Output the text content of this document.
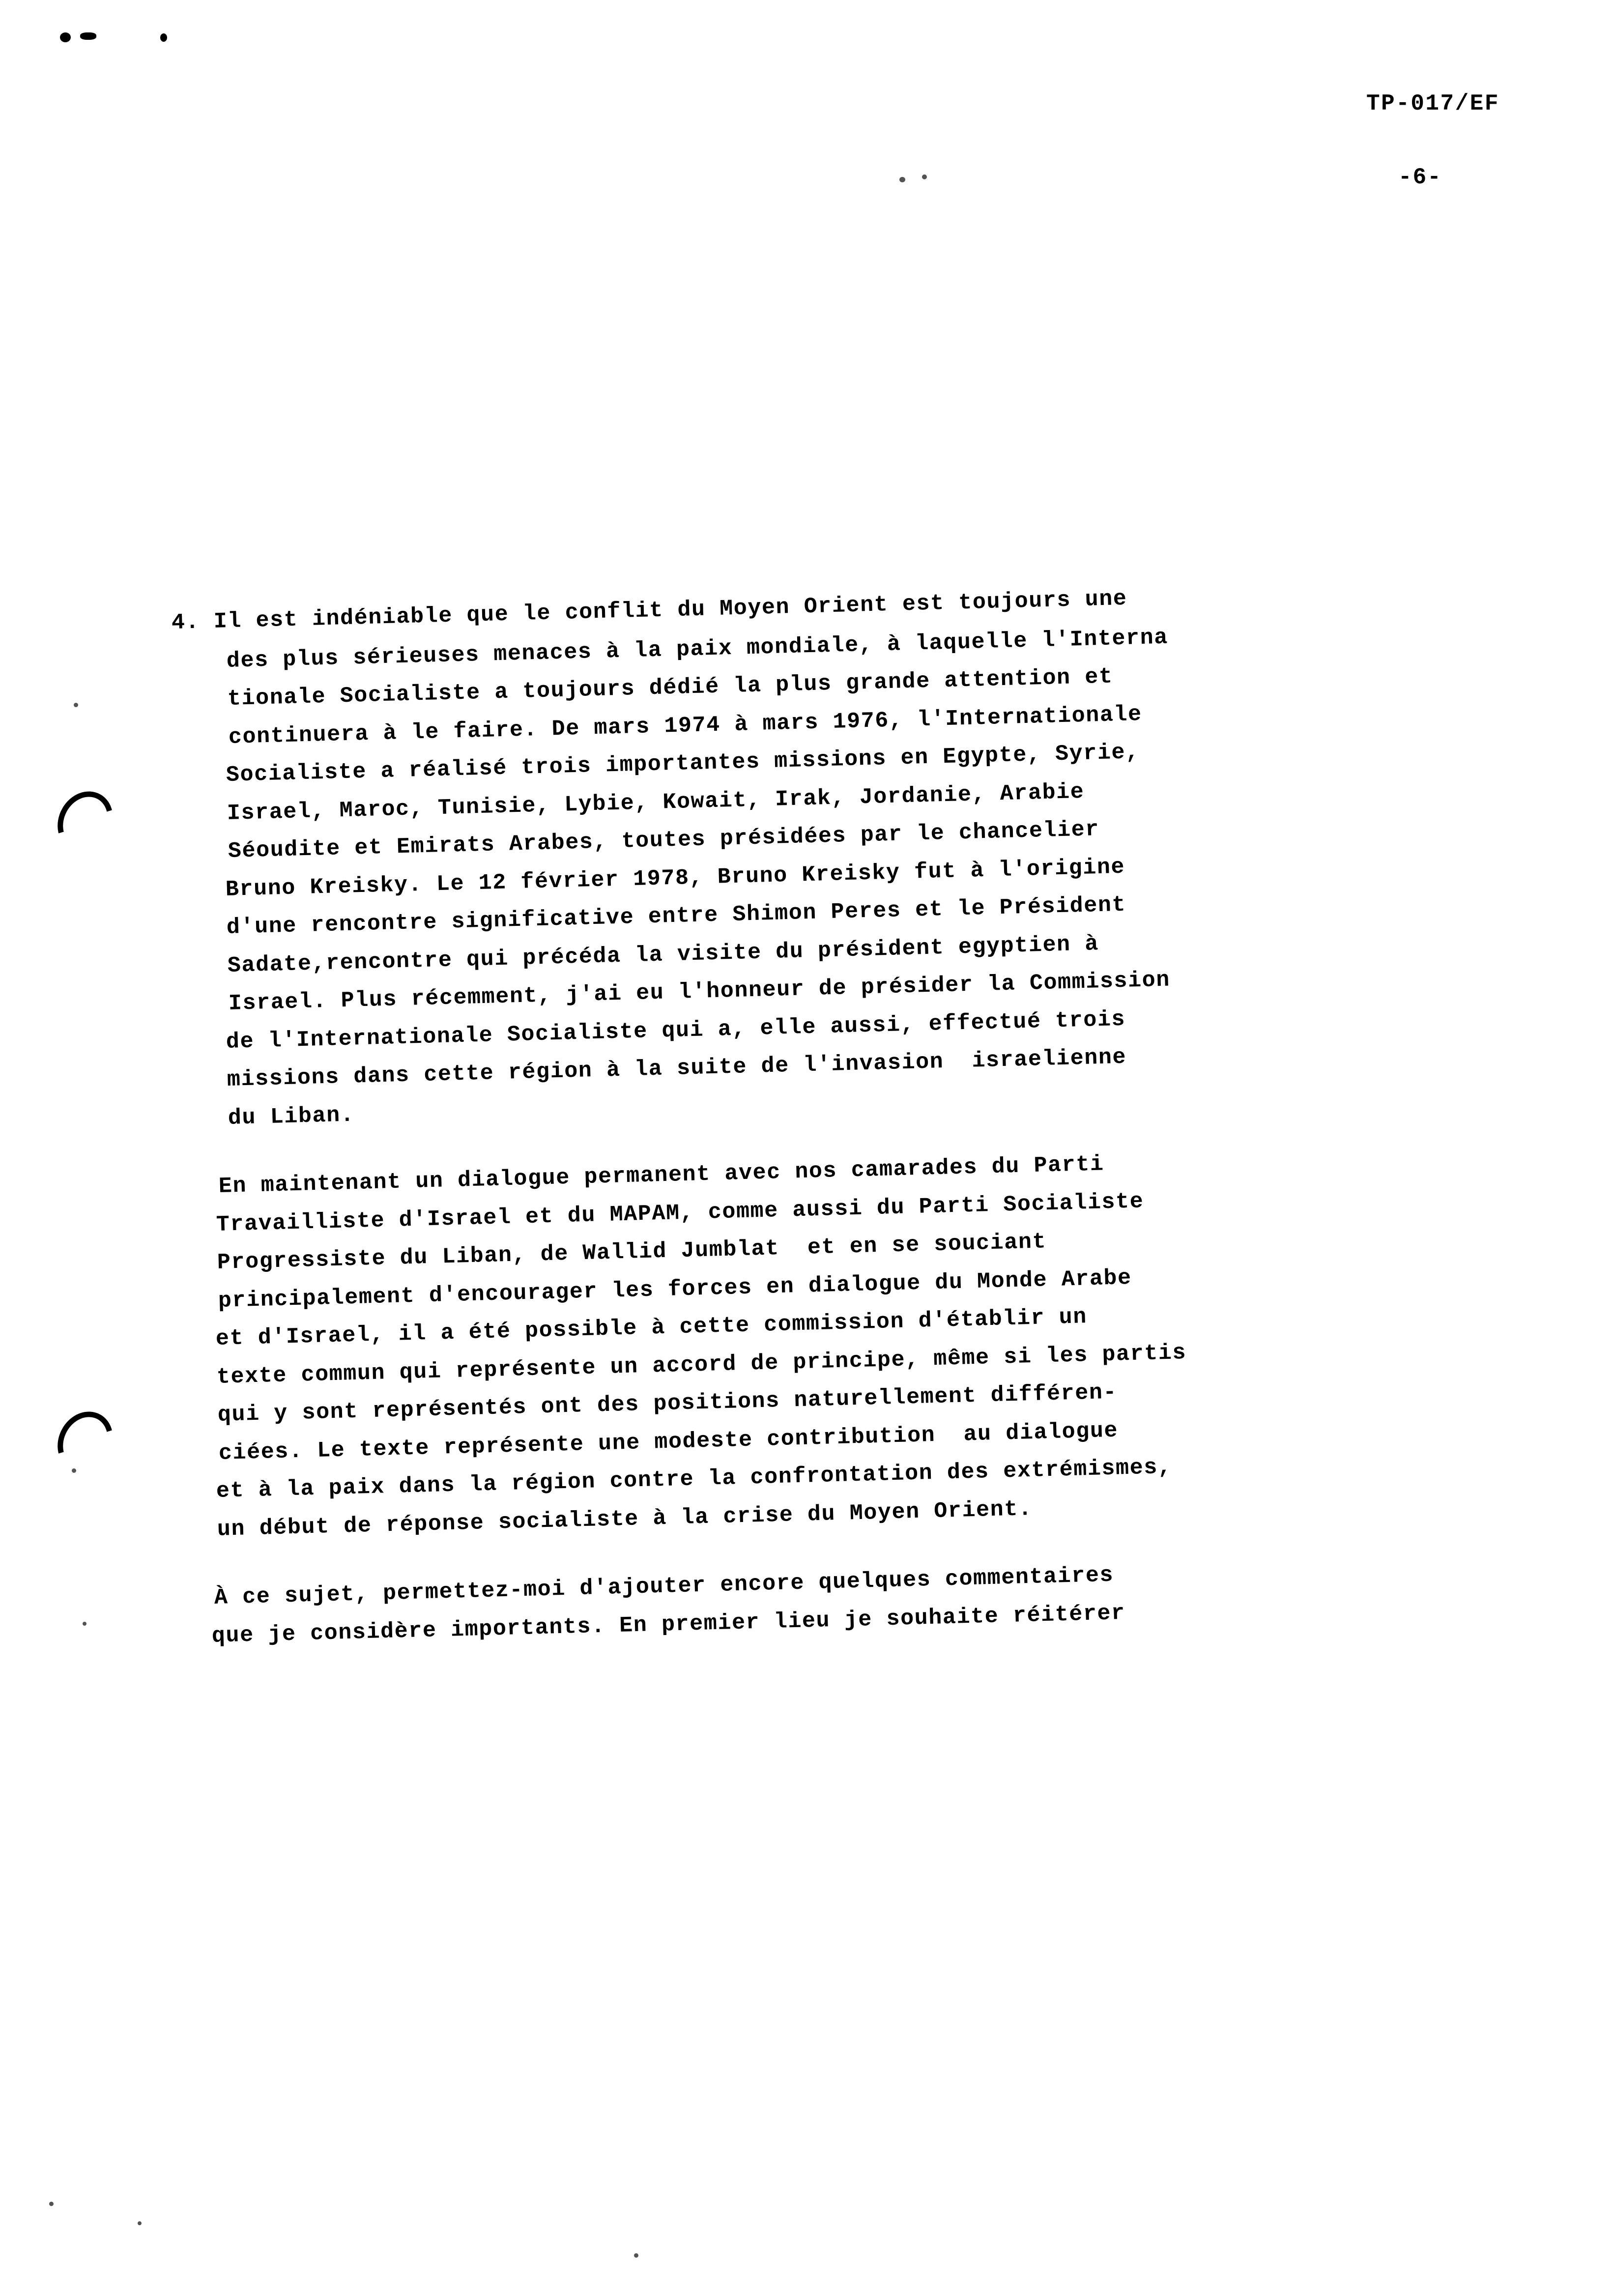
TP-017/EF
-6-
4. Il est indéniable que le conflit du Moyen Orient est toujours une
des plus sérieuses menaces à la paix mondiale, à laquelle l'Interna
tionale Socialiste a toujours dédié la plus grande attention et
continuera à le faire. De mars 1974 à mars 1976, l'Internationale
Socialiste a réalisé trois importantes missions en Egypte, Syrie,
Israel, Maroc, Tunisie, Lybie, Kowait, Irak, Jordanie, Arabie
Séoudite et Emirats Arabes, toutes présidées par le chancelier
Bruno Kreisky. Le 12 février 1978, Bruno Kreisky fut à l'origine
d'une rencontre significative entre Shimon Peres et le Président
Sadate,rencontre qui précéda la visite du président egyptien à
Israel. Plus récemment, j'ai eu l'honneur de présider la Commission
de l'Internationale Socialiste qui a, elle aussi, effectué trois
missions dans cette région à la suite de l'invasion  israelienne
du Liban.
En maintenant un dialogue permanent avec nos camarades du Parti
Travailliste d'Israel et du MAPAM, comme aussi du Parti Socialiste
Progressiste du Liban, de Wallid Jumblat  et en se souciant
principalement d'encourager les forces en dialogue du Monde Arabe
et d'Israel, il a été possible à cette commission d'établir un
texte commun qui représente un accord de principe, même si les partis
qui y sont représentés ont des positions naturellement différen-
ciées. Le texte représente une modeste contribution  au dialogue
et à la paix dans la région contre la confrontation des extrémismes,
un début de réponse socialiste à la crise du Moyen Orient.
À ce sujet, permettez-moi d'ajouter encore quelques commentaires
que je considère importants. En premier lieu je souhaite réitérer
